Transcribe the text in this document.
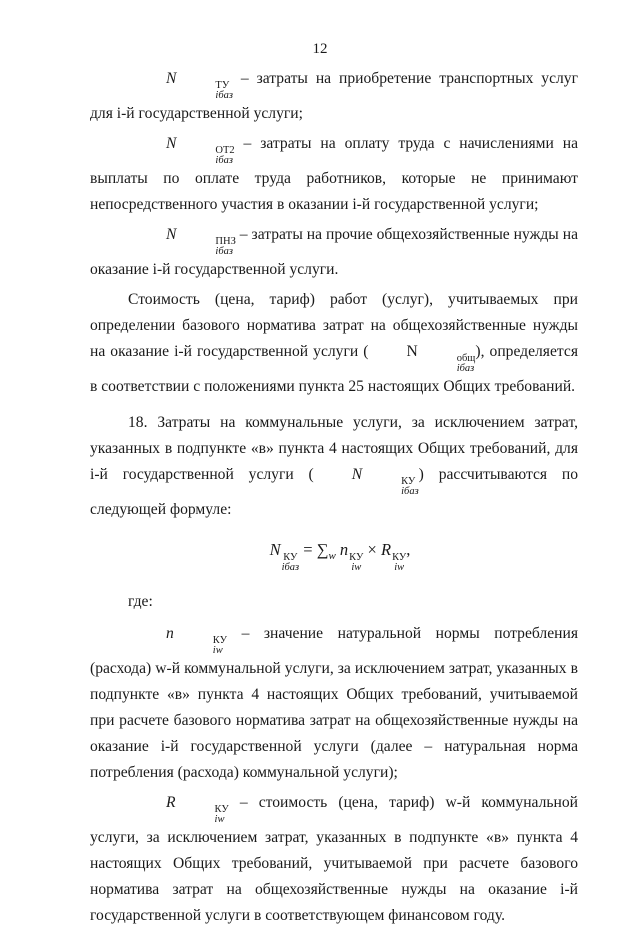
12

N	ТУ
iбаз
– затраты на приобретение транспортных услуг для i-й государственной услуги;

N	ОТ2
iбаз
– затраты на оплату труда с начислениями на выплаты по оплате труда работников, которые не принимают непосредственного участия в оказании i-й государственной услуги;

N	ПНЗ
iбаз
– затраты на прочие общехозяйственные нужды на оказание i-й государственной услуги.

Стоимость (цена, тариф) работ (услуг), учитываемых при определении базового норматива затрат на общехозяйственные нужды на оказание i-й государственной услуги ( N	общ
iбаз
), определяется в соответствии с положениями пункта 25 настоящих Общих требований.

18. Затраты на коммунальные услуги, за исключением затрат, указанных в подпункте «в» пункта 4 настоящих Общих требований, для i-й государственной услуги ( N	КУ
iбаз
) рассчитываются по следующей формуле:

N КУ
iбаз
= $\sum_w$ n КУ
iw
× R КУ
iw
,

где:

n	КУ
iw
– значение натуральной нормы потребления (расхода) w-й коммунальной услуги, за исключением затрат, указанных в подпункте «в» пункта 4 настоящих Общих требований, учитываемой при расчете базового норматива затрат на общехозяйственные нужды на оказание i-й государственной услуги (далее – натуральная норма потребления (расхода) коммунальной услуги);

R	КУ
iw
– стоимость (цена, тариф) w-й коммунальной услуги, за исключением затрат, указанных в подпункте «в» пункта 4 настоящих Общих требований, учитываемой при расчете базового норматива затрат на общехозяйственные нужды на оказание i-й государственной услуги в соответствующем финансовом году.
